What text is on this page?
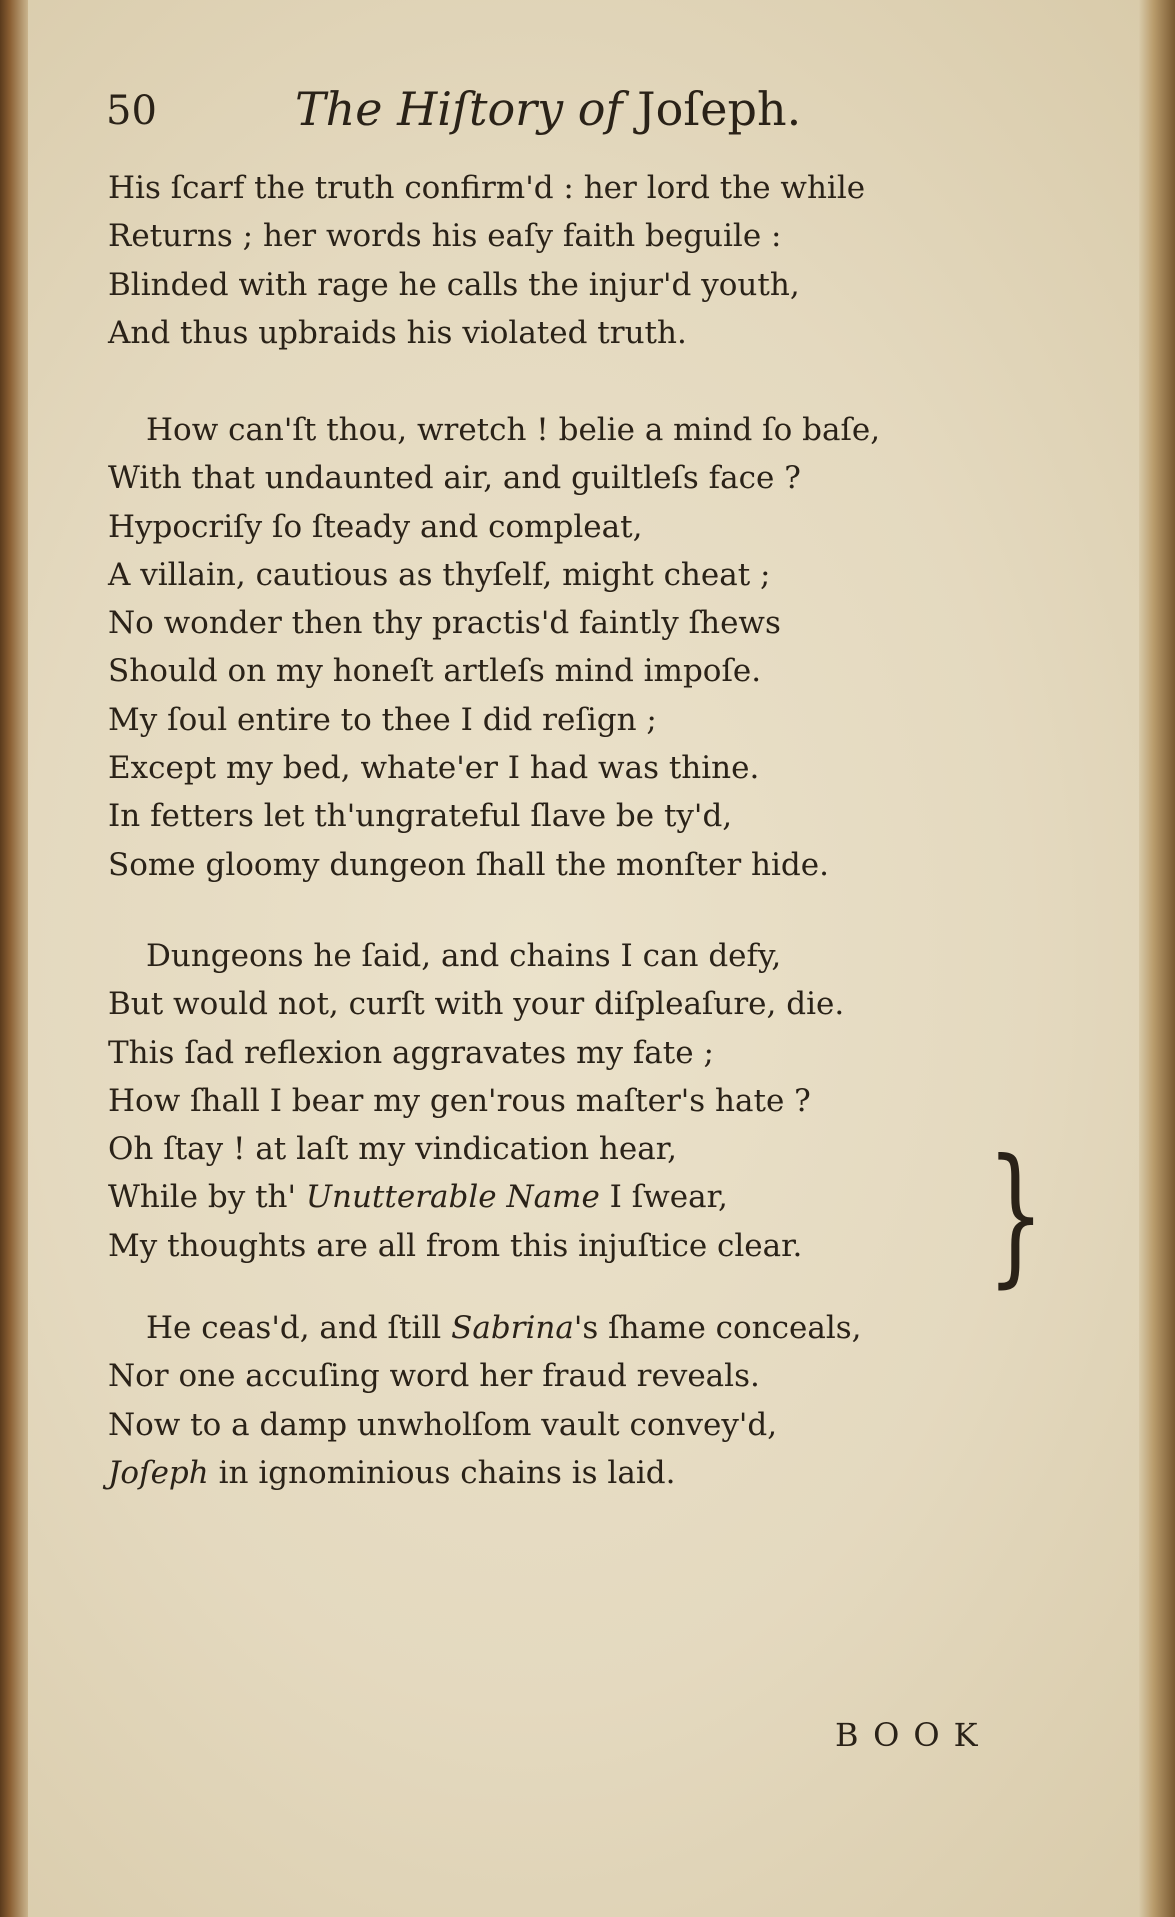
50	The Hiſtory of Joſeph.
His ſcarf the truth confirm'd : her lord the while
Returns ; her words his eaſy faith beguile :
Blinded with rage he calls the injur'd youth,
And thus upbraids his violated truth.
How can'ſt thou, wretch ! belie a mind ſo baſe,
With that undaunted air, and guiltleſs face ?
Hypocriſy ſo ſteady and compleat,
A villain, cautious as thyſelf, might cheat ;
No wonder then thy practis'd faintly ſhews
Should on my honeſt artleſs mind impoſe.
My ſoul entire to thee I did reſign ;
Except my bed, whate'er I had was thine.
In fetters let th'ungrateful ſlave be ty'd,
Some gloomy dungeon ſhall the monſter hide.
Dungeons he ſaid, and chains I can defy,
But would not, curſt with your diſpleaſure, die.
This ſad reflexion aggravates my fate ;
How ſhall I bear my gen'rous maſter's hate ?
Oh ſtay ! at laſt my vindication hear,
While by th' Unutterable Name I ſwear,
My thoughts are all from this injuſtice clear. }
He ceas'd, and ſtill Sabrina's ſhame conceals,
Nor one accuſing word her fraud reveals.
Now to a damp unwholſom vault convey'd,
Joſeph in ignominious chains is laid.
BOOK
